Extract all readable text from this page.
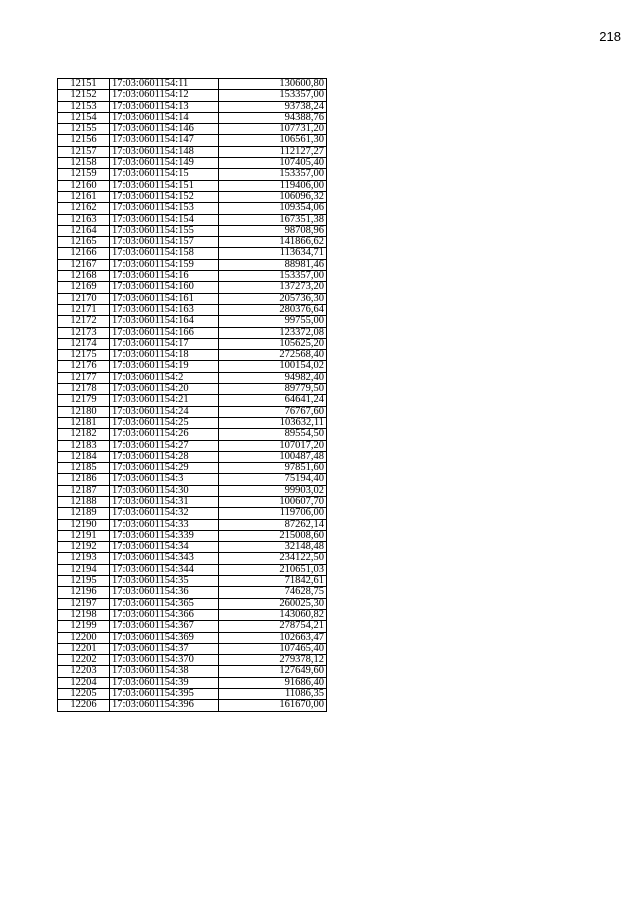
218
12151	17:03:0601154:11	130600,80
12152	17:03:0601154:12	153357,00
12153	17:03:0601154:13	93738,24
12154	17:03:0601154:14	94388,76
12155	17:03:0601154:146	107731,20
12156	17:03:0601154:147	106561,30
12157	17:03:0601154:148	112127,27
12158	17:03:0601154:149	107405,40
12159	17:03:0601154:15	153357,00
12160	17:03:0601154:151	119406,00
12161	17:03:0601154:152	106096,32
12162	17:03:0601154:153	109354,06
12163	17:03:0601154:154	167351,38
12164	17:03:0601154:155	98708,96
12165	17:03:0601154:157	141866,62
12166	17:03:0601154:158	113634,71
12167	17:03:0601154:159	88981,46
12168	17:03:0601154:16	153357,00
12169	17:03:0601154:160	137273,20
12170	17:03:0601154:161	205736,30
12171	17:03:0601154:163	280376,64
12172	17:03:0601154:164	99755,00
12173	17:03:0601154:166	123372,08
12174	17:03:0601154:17	105625,20
12175	17:03:0601154:18	272568,40
12176	17:03:0601154:19	100154,02
12177	17:03:0601154:2	94982,40
12178	17:03:0601154:20	89779,50
12179	17:03:0601154:21	64641,24
12180	17:03:0601154:24	76767,60
12181	17:03:0601154:25	103632,11
12182	17:03:0601154:26	89554,50
12183	17:03:0601154:27	107017,20
12184	17:03:0601154:28	100487,48
12185	17:03:0601154:29	97851,60
12186	17:03:0601154:3	75194,40
12187	17:03:0601154:30	99903,02
12188	17:03:0601154:31	100607,70
12189	17:03:0601154:32	119706,00
12190	17:03:0601154:33	87262,14
12191	17:03:0601154:339	215008,60
12192	17:03:0601154:34	32148,48
12193	17:03:0601154:343	234122,50
12194	17:03:0601154:344	210651,03
12195	17:03:0601154:35	71842,61
12196	17:03:0601154:36	74628,75
12197	17:03:0601154:365	260025,30
12198	17:03:0601154:366	143060,82
12199	17:03:0601154:367	278754,21
12200	17:03:0601154:369	102663,47
12201	17:03:0601154:37	107465,40
12202	17:03:0601154:370	279378,12
12203	17:03:0601154:38	127649,60
12204	17:03:0601154:39	91686,40
12205	17:03:0601154:395	11086,35
12206	17:03:0601154:396	161670,00
